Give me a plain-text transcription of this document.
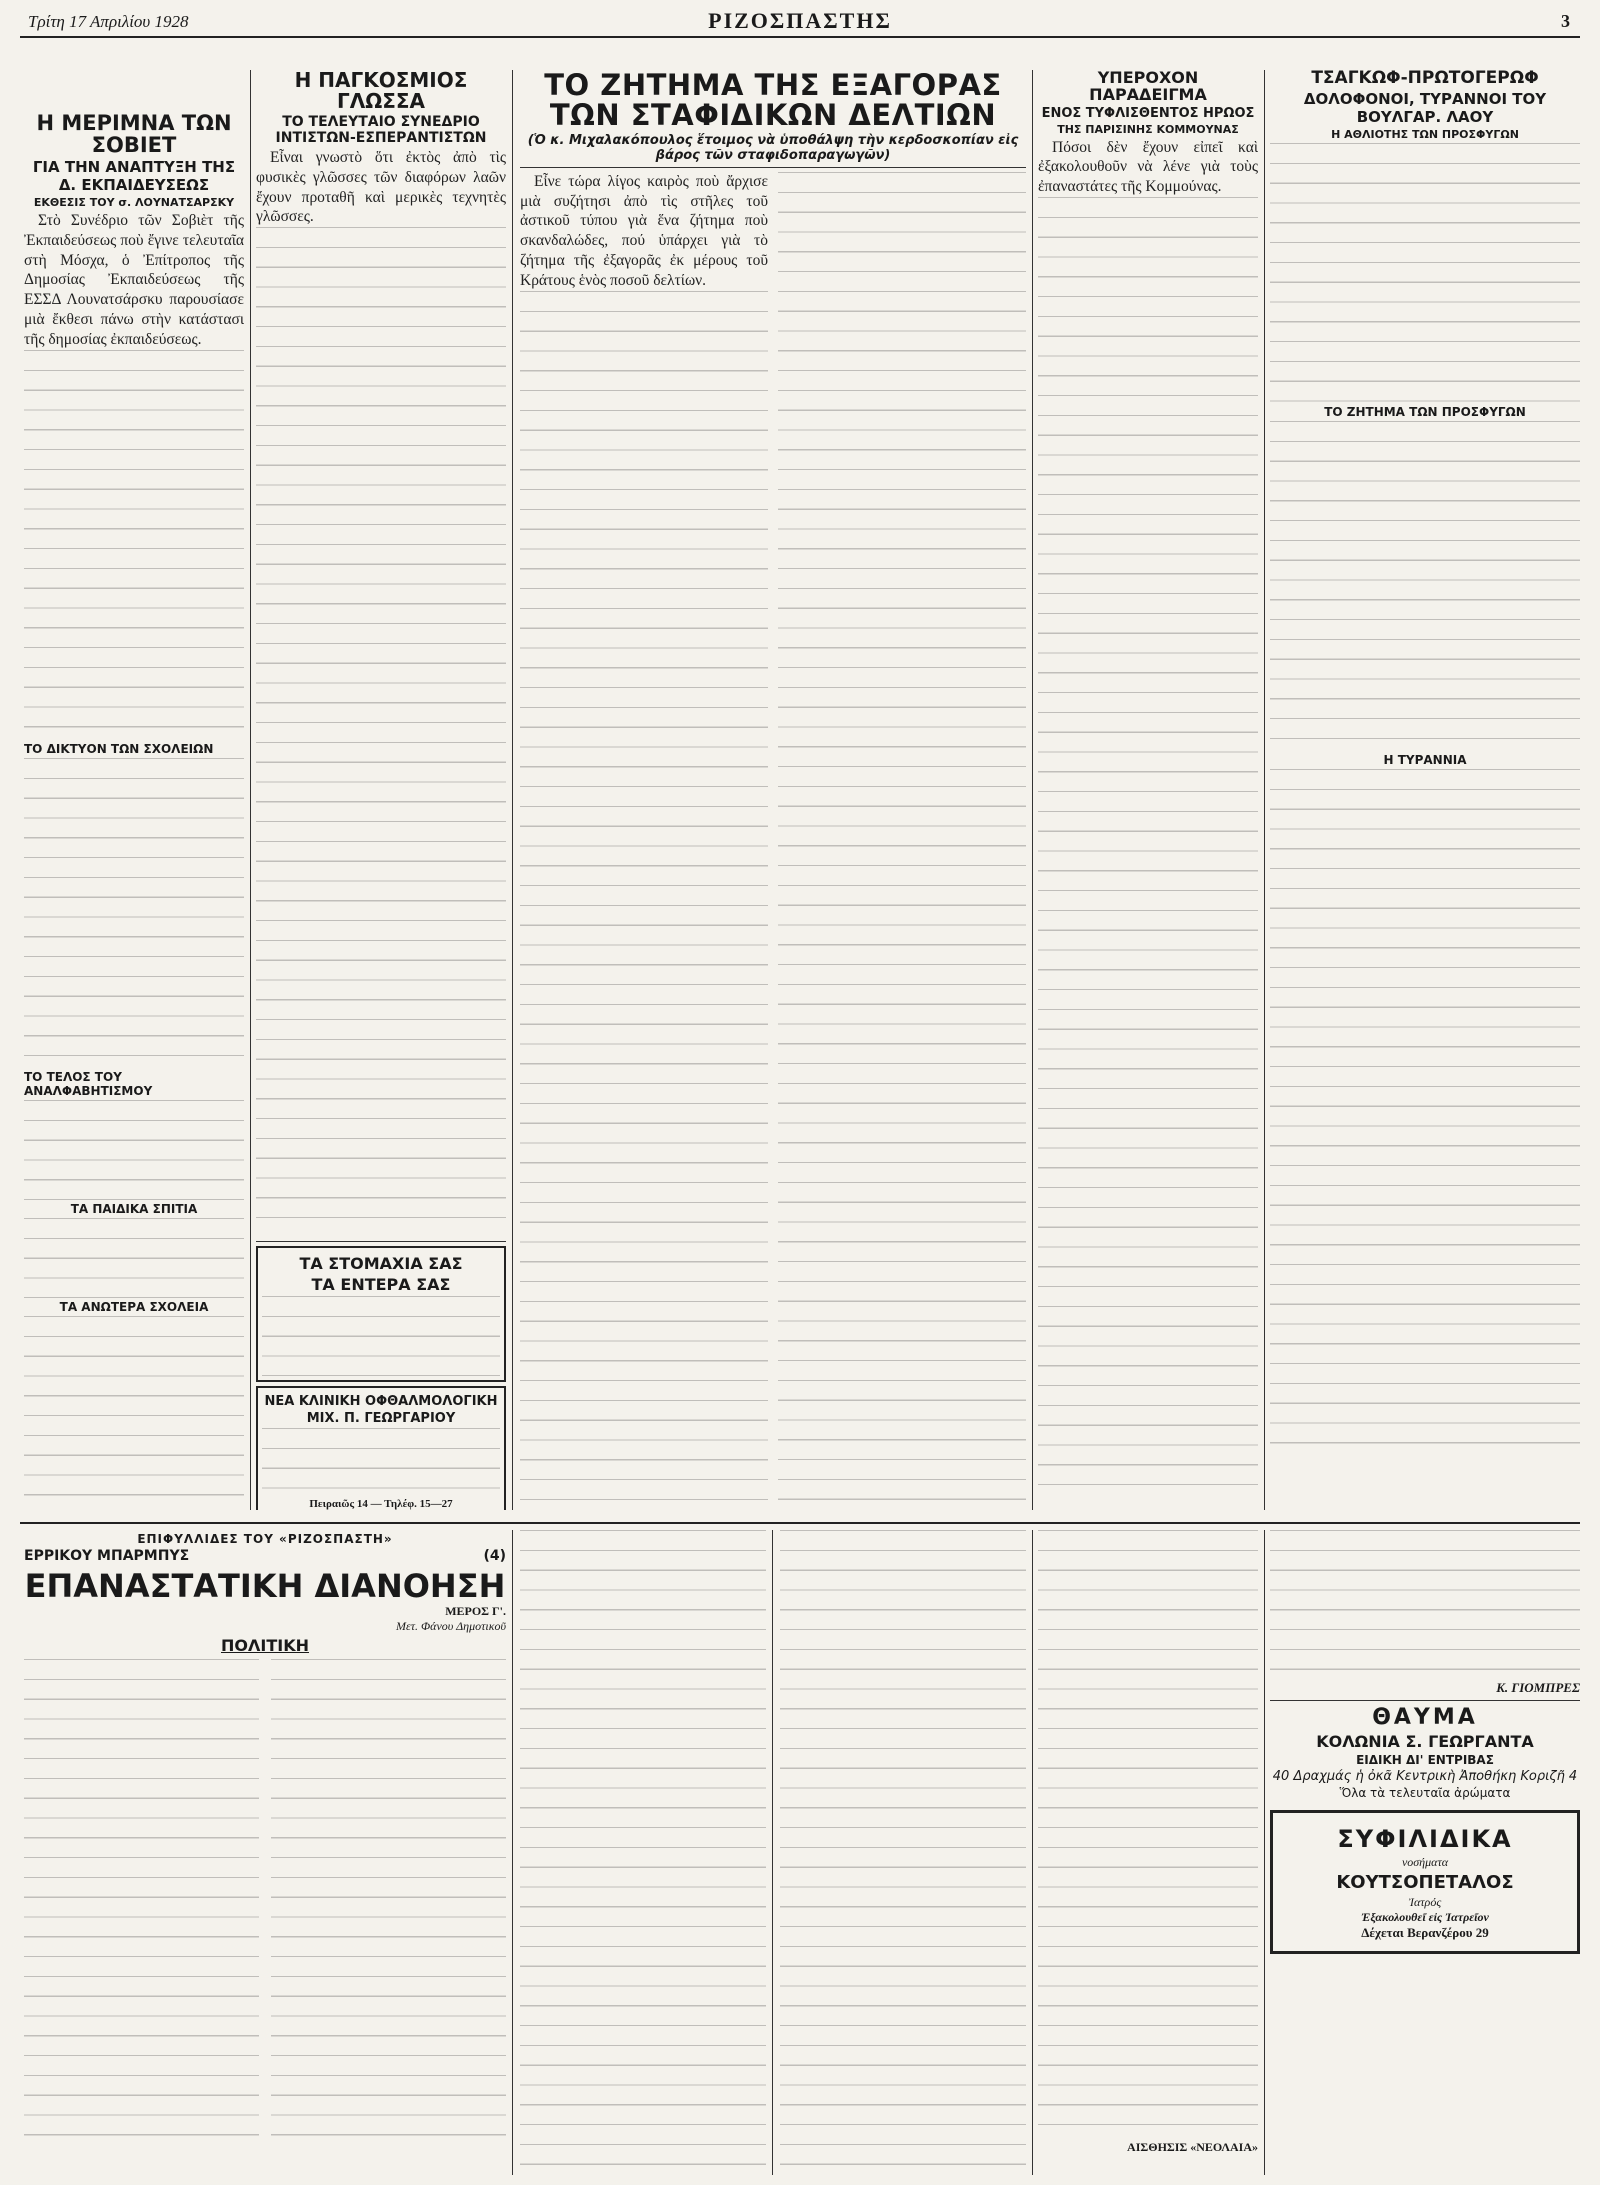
Τρίτη 17 Απριλίου 1928	ΡΙΖΟΣΠΑΣΤΗΣ	3
Η ΜΕΡΙΜΝΑ ΤΩΝ ΣΟΒΙΕΤ
ΓΙΑ ΤΗΝ ΑΝΑΠΤΥΞΗ ΤΗΣ Δ. ΕΚΠΑΙΔΕΥΣΕΩΣ
ΕΚΘΕΣΙΣ ΤΟΥ σ. ΛΟΥΝΑΤΣΑΡΣΚΥ

Στὸ Συνέδριο τῶν Σοβιὲτ τῆς Ἐκπαιδεύσεως ποὺ ἔγινε τελευταῖα στὴ Μόσχα, ὁ Ἐπίτροπος τῆς Δημοσίας Ἐκπαιδεύσεως τῆς ΕΣΣΔ Λουνατσάρσκυ παρουσίασε μιὰ ἔκθεσι πάνω στὴν κατάστασι τῆς δημοσίας ἐκπαιδεύσεως.

ΤΟ ΔΙΚΤΥΟΝ ΤΩΝ ΣΧΟΛΕΙΩΝ
ΤΟ ΤΕΛΟΣ ΤΟΥ ΑΝΑΛΦΑΒΗΤΙΣΜΟΥ
ΤΑ ΠΑΙΔΙΚΑ ΣΠΙΤΙΑ
ΤΑ ΑΝΩΤΕΡΑ ΣΧΟΛΕΙΑ
Η ΠΑΓΚΟΣΜΙΟΣ ΓΛΩΣΣΑ
ΤΟ ΤΕΛΕΥΤΑΙΟ ΣΥΝΕΔΡΙΟ ΙΝΤΙΣΤΩΝ-ΕΣΠΕΡΑΝΤΙΣΤΩΝ

Εἶναι γνωστὸ ὅτι ἐκτὸς ἀπὸ τὶς φυσικὲς γλῶσσες τῶν διαφόρων λαῶν ἔχουν προταθῆ καὶ μερικὲς τεχνητὲς γλῶσσες.

ΤΑ ΣΤΟΜΑΧΙΑ ΣΑΣ
ΤΑ ΕΝΤΕΡΑ ΣΑΣ
ΝΕΑ ΚΛΙΝΙΚΗ ΟΦΘΑΛΜΟΛΟΓΙΚΗ
ΜΙΧ. Π. ΓΕΩΡΓΑΡΙΟΥ
Πειραιῶς 14 — Τηλέφ. 15—27
ΤΟ ΖΗΤΗΜΑ ΤΗΣ ΕΞΑΓΟΡΑΣ ΤΩΝ ΣΤΑΦΙΔΙΚΩΝ ΔΕΛΤΙΩΝ
(Ὁ κ. Μιχαλακόπουλος ἕτοιμος νὰ ὑποθάλψη τὴν κερδοσκοπίαν εἰς βάρος τῶν σταφιδοπαραγωγῶν)

Εἶνε τώρα λίγος καιρὸς ποὺ ἄρχισε μιὰ συζήτησι ἀπὸ τὶς στῆλες τοῦ ἀστικοῦ τύπου γιὰ ἕνα ζήτημα ποὺ σκανδαλώδες, πού ὑπάρχει γιὰ τὸ ζήτημα τῆς ἐξαγορᾶς ἐκ μέρους τοῦ Κράτους ἑνὸς ποσοῦ δελτίων.

ΥΠΕΡΟΧΟΝ ΠΑΡΑΔΕΙΓΜΑ
ΕΝΟΣ ΤΥΦΛΙΣΘΕΝΤΟΣ ΗΡΩΟΣ
ΤΗΣ ΠΑΡΙΣΙΝΗΣ ΚΟΜΜΟΥΝΑΣ

Πόσοι δὲν ἔχουν εἰπεῖ καὶ ἐξακολουθοῦν νὰ λένε γιὰ τοὺς ἐπαναστάτες τῆς Κομμούνας.

ΤΣΑΓΚΩΦ-ΠΡΩΤΟΓΕΡΩΦ
ΔΟΛΟΦΟΝΟΙ, ΤΥΡΑΝΝΟΙ ΤΟΥ ΒΟΥΛΓΑΡ. ΛΑΟΥ
Η ΑΘΛΙΟΤΗΣ ΤΩΝ ΠΡΟΣΦΥΓΩΝ
ΤΟ ΖΗΤΗΜΑ ΤΩΝ ΠΡΟΣΦΥΓΩΝ
Η ΤΥΡΑΝΝΙΑ
ΕΠΙΦΥΛΛΙΔΕΣ ΤΟΥ «ΡΙΖΟΣΠΑΣΤΗ»
ΕΡΡΙΚΟΥ ΜΠΑΡΜΠΥΣ	(4)
ΕΠΑΝΑΣΤΑΤΙΚΗ ΔΙΑΝΟΗΣΗ
ΜΕΡΟΣ Γ'.
Μετ. Φάνου Δημοτικοῦ
ΠΟΛΙΤΙΚΗ
ΑΙΣΘΗΣΙΣ «ΝΕΟΛΑΙΑ»
Κ. ΓΙΟΜΠΡΕΣ
ΘΑΥΜΑ
ΚΟΛΩΝΙΑ Σ. ΓΕΩΡΓΑΝΤΑ
ΕΙΔΙΚΗ ΔΙ' ΕΝΤΡΙΒΑΣ
40 Δραχμάς ἡ ὀκᾶ Κεντρικὴ Ἀποθήκη Κοριζῆ 4
Ὅλα τὰ τελευταῖα ἀρώματα
ΣΥΦΙΛΙΔΙΚΑ
νοσήματα
ΚΟΥΤΣΟΠΕΤΑΛΟΣ
Ἰατρός
Ἐξακολουθεῖ εἰς Ἰατρεῖον
Δέχεται Βερανζέρου 29
